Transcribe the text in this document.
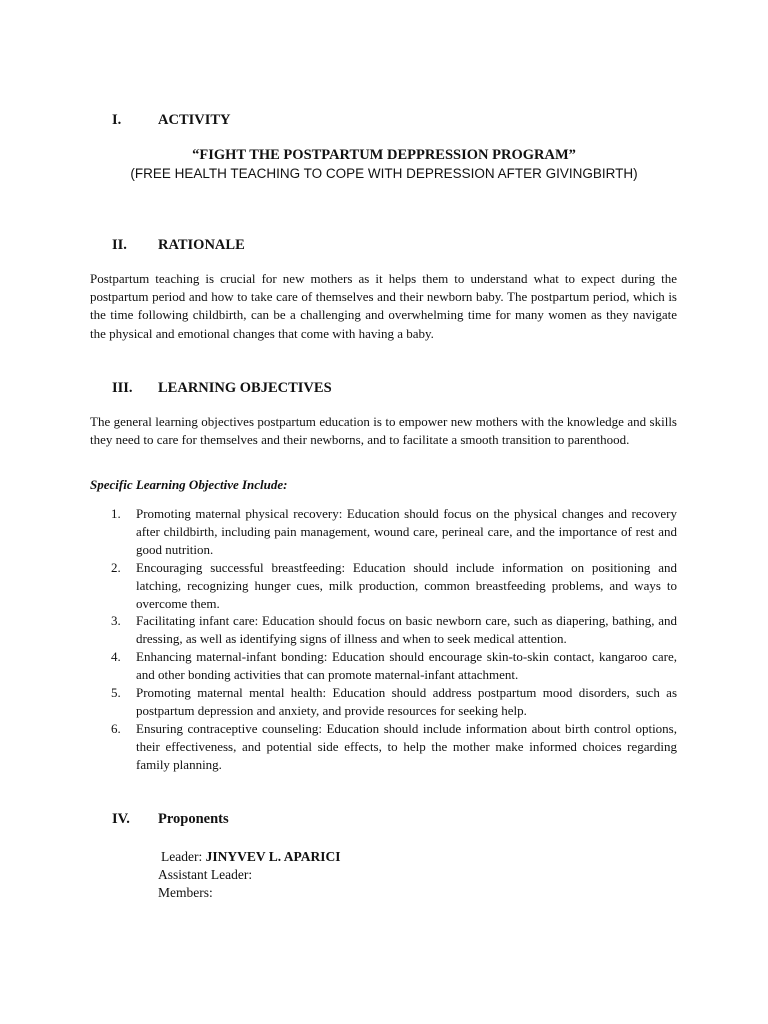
I.	ACTIVITY
“FIGHT THE POSTPARTUM DEPPRESSION PROGRAM”
(FREE HEALTH TEACHING TO COPE WITH DEPRESSION AFTER GIVINGBIRTH)
II. RATIONALE

Postpartum teaching is crucial for new mothers as it helps them to understand what to expect during the postpartum period and how to take care of themselves and their newborn baby. The postpartum period, which is the time following childbirth, can be a challenging and overwhelming time for many women as they navigate the physical and emotional changes that come with having a baby.

III. LEARNING OBJECTIVES

The general learning objectives postpartum education is to empower new mothers with the knowledge and skills they need to care for themselves and their newborns, and to facilitate a smooth transition to parenthood.

Specific Learning Objective Include:
1. Promoting maternal physical recovery: Education should focus on the physical changes and recovery after childbirth, including pain management, wound care, perineal care, and the importance of rest and good nutrition.
2. Encouraging successful breastfeeding: Education should include information on positioning and latching, recognizing hunger cues, milk production, common breastfeeding problems, and ways to overcome them.
3. Facilitating infant care: Education should focus on basic newborn care, such as diapering, bathing, and dressing, as well as identifying signs of illness and when to seek medical attention.
4. Enhancing maternal-infant bonding: Education should encourage skin-to-skin contact, kangaroo care, and other bonding activities that can promote maternal-infant attachment.
5. Promoting maternal mental health: Education should address postpartum mood disorders, such as postpartum depression and anxiety, and provide resources for seeking help.
6. Ensuring contraceptive counseling: Education should include information about birth control options, their effectiveness, and potential side effects, to help the mother make informed choices regarding family planning.
IV. Proponents
Leader: JINYVEV L. APARICI
Assistant Leader:
Members:
